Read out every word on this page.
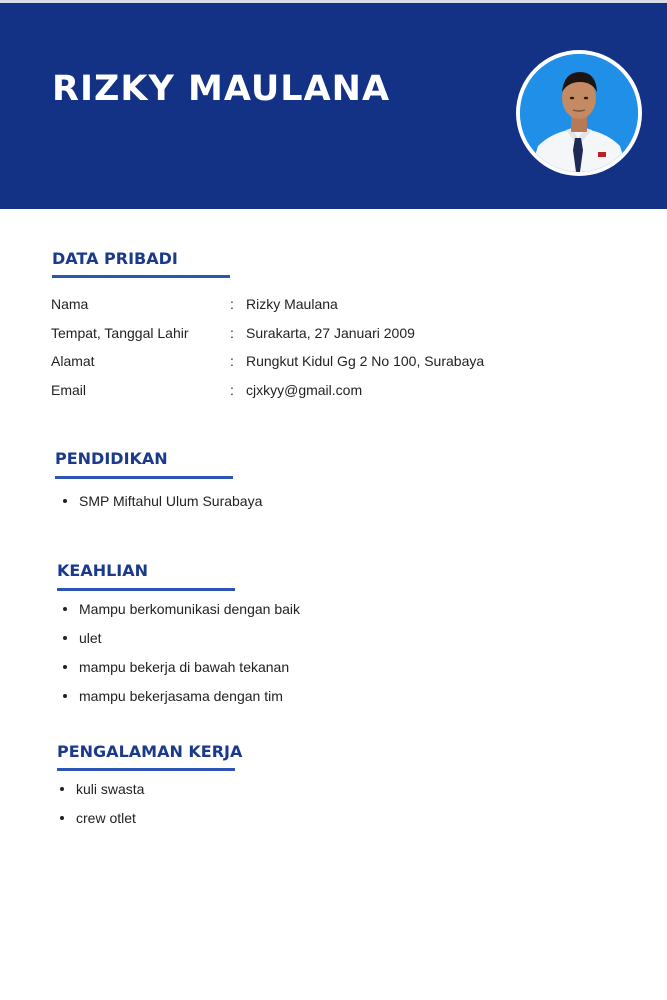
RIZKY MAULANA
DATA PRIBADI
Nama	: Rizky Maulana
Tempat, Tanggal Lahir	: Surakarta, 27 Januari 2009
Alamat	: Rungkut Kidul Gg 2 No 100, Surabaya
Email	: cjxkyy@gmail.com
PENDIDIKAN
SMP Miftahul Ulum Surabaya
KEAHLIAN
Mampu berkomunikasi dengan baik
ulet
mampu bekerja di bawah tekanan
mampu bekerjasama dengan tim
PENGALAMAN KERJA
kuli swasta
crew otlet
